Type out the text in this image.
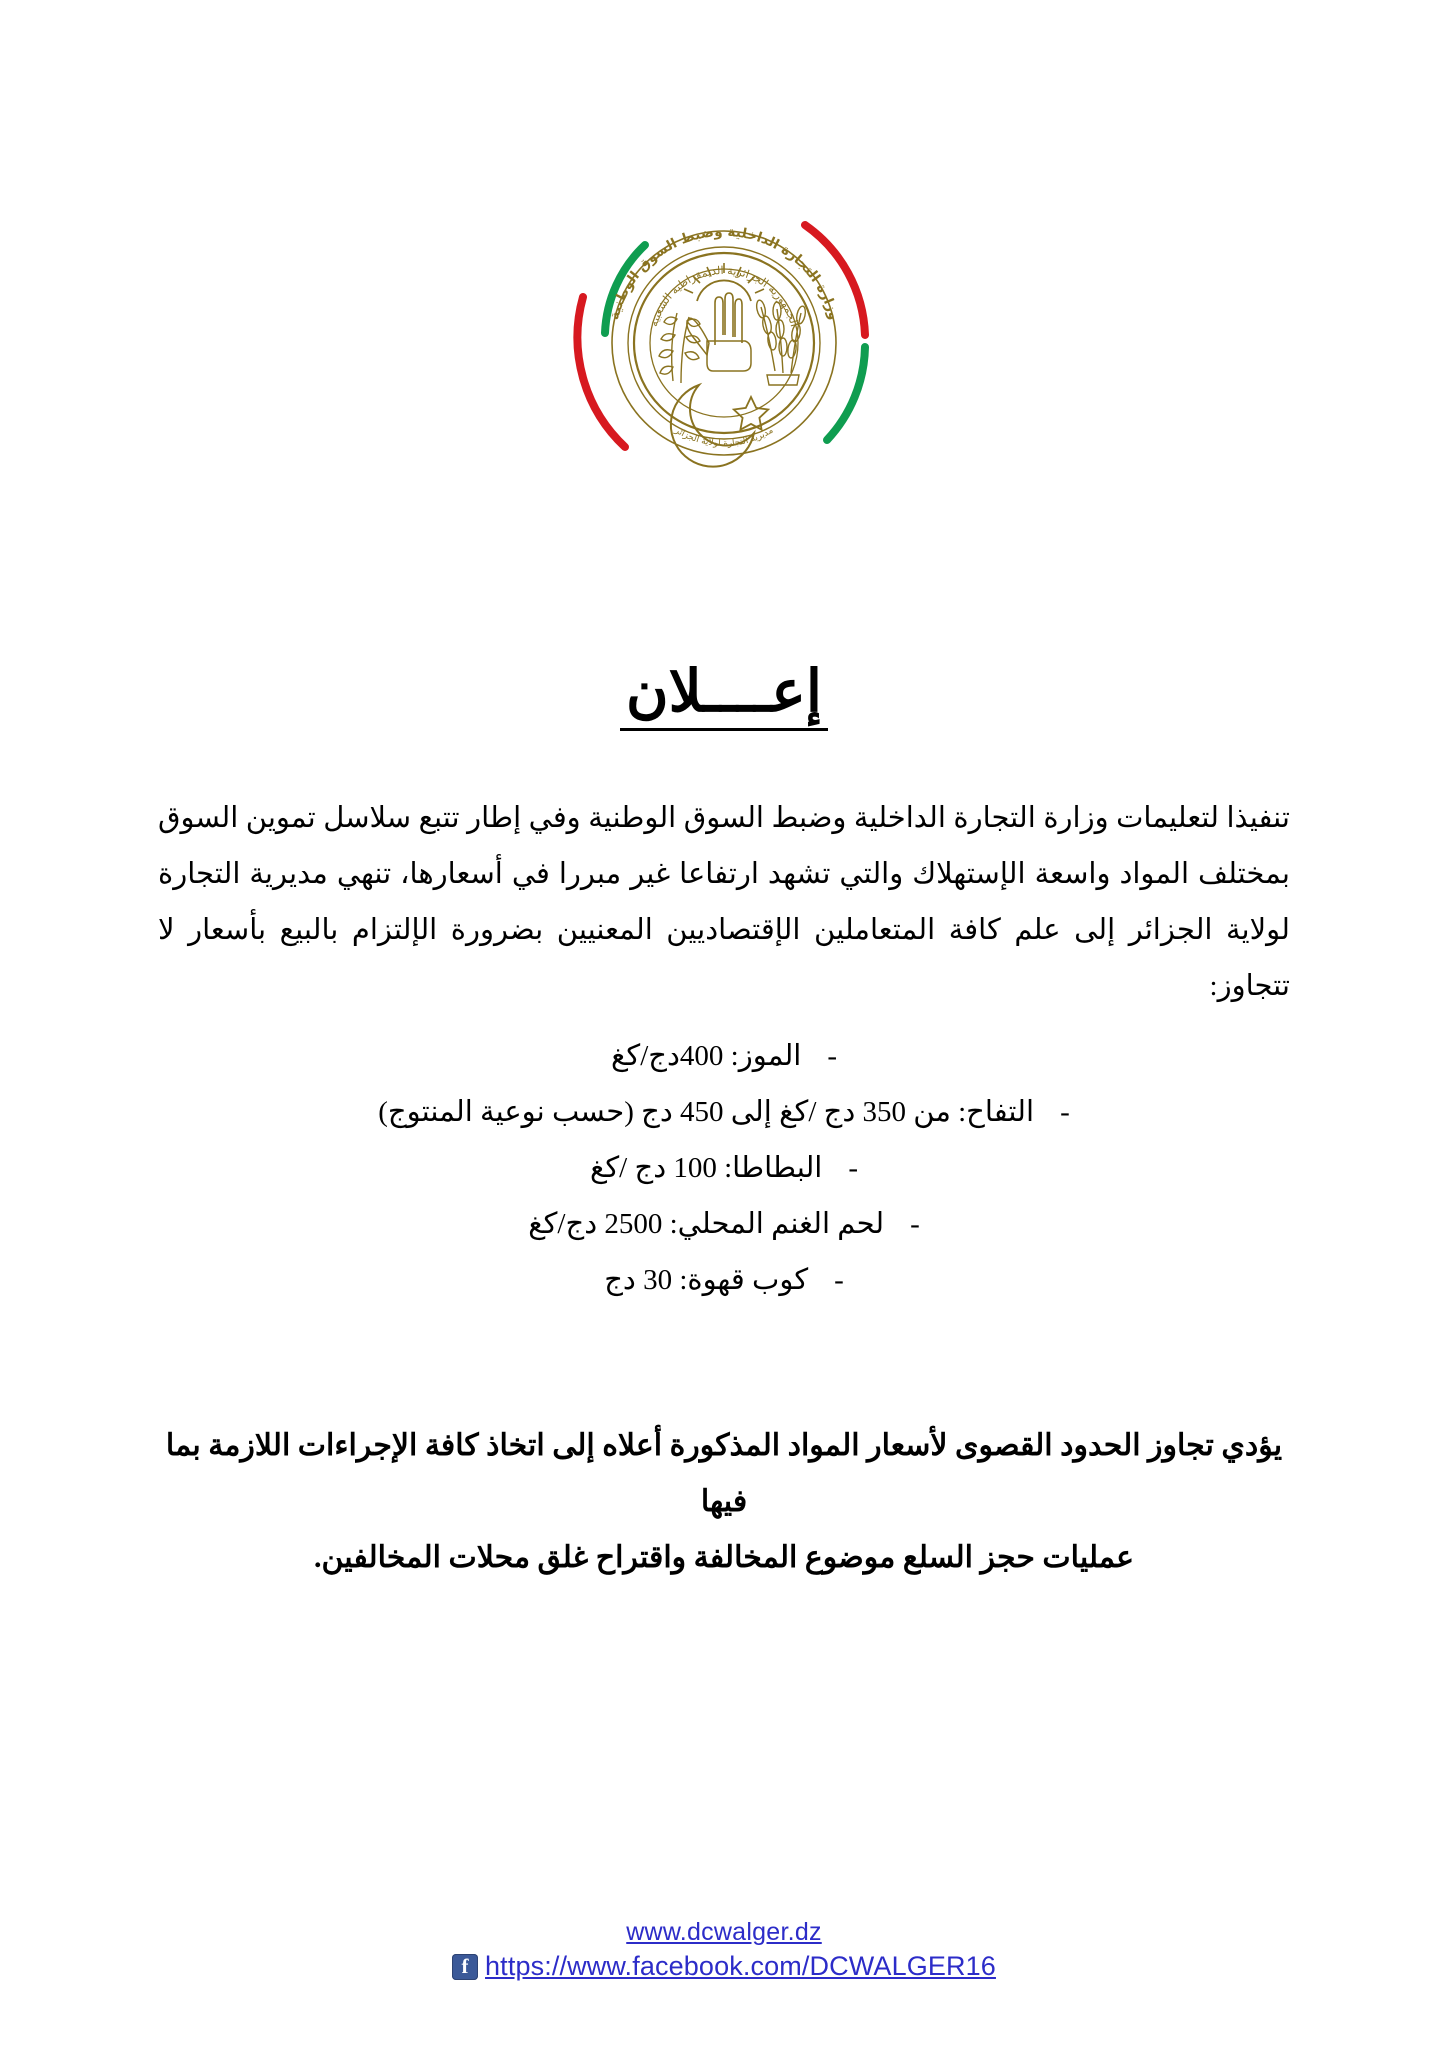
وزارة التجارة الداخلية وضبط السوق الوطنية
مديرية التجارة لولاية الجزائر
الجمهورية الجزائرية الديمقراطية الشعبية
إعــــلان

تنفيذا لتعليمات وزارة التجارة الداخلية وضبط السوق الوطنية وفي إطار تتبع سلاسل تموين السوق بمختلف المواد واسعة الإستهلاك والتي تشهد ارتفاعا غير مبررا في أسعارها، تنهي مديرية التجارة لولاية الجزائر إلى علم كافة المتعاملين الإقتصاديين المعنيين بضرورة الإلتزام بالبيع بأسعار لا تتجاوز:

-الموز: 400دج/كغ
-التفاح: من 350 دج /كغ إلى 450 دج (حسب نوعية المنتوج)
-البطاطا: 100 دج /كغ
-لحم الغنم المحلي: 2500 دج/كغ
-كوب قهوة: 30 دج

يؤدي تجاوز الحدود القصوى لأسعار المواد المذكورة أعلاه إلى اتخاذ كافة الإجراءات اللازمة بما فيها
عمليات حجز السلع موضوع المخالفة واقتراح غلق محلات المخالفين.

www.dcwalger.dz
f
https://www.facebook.com/DCWALGER16
